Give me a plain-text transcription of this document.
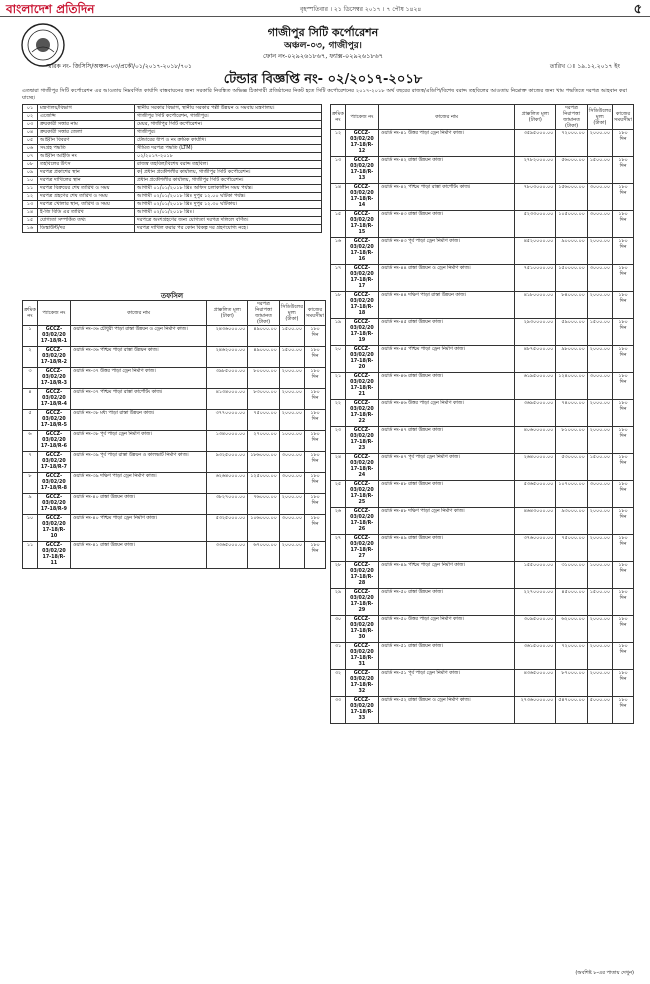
বাংলাদেশ প্রতিদিন	বৃহস্পতিবার । ২১ ডিসেম্বর ২০১৭ । ৭ পৌষ ১৪২৪	৫
গাজীপুর সিটি কর্পোরেশন
অঞ্চল-০৩, গাজীপুর।
ফোন নং-০২৯২৬১৮৬৭, ফ্যাক্স-০২৯২৬১৮৬৭
স্মারক নং- জিসিসি/অঞ্চল-০৩/প্রকৌ/০১/২০১৭-২০১৮/৭০১	তারিখ ঃ ১৯.১২.২০১৭ ইং
টেন্ডার বিজ্ঞপ্তি নং- ০২/২০১৭-২০১৮
এতদ্বারা গাজীপুর সিটি কর্পোরেশন এর আওতায় নিম্নবর্ণিত কার্যাদি বাস্তবায়নের জন্য সরকারি নিবন্ধিত অভিজ্ঞ ঠিকাদারী প্রতিষ্ঠানের নিকট হতে সিটি কর্পোরেশনের ২০১৭-২০১৮ অর্থ বছরের রাজস্ব/এডিপি/বিশেষ বরাদ্দ তহবিলের আওতায় নিম্নোক্ত কাজের জন্য খাম পদ্ধতিতে দরপত্র আহবান করা যাচ্ছে।
০১	মন্ত্রণালয়/বিভাগ	স্থানীয় সরকার বিভাগ, স্থানীয় সরকার পল্লী উন্নয়ন ও সমবায় মন্ত্রণালয়।
০২	এজেন্সি	গাজীপুর সিটি কর্পোরেশন, গাজীপুর।
০৩	ক্রয়কারী সত্তার নাম	মেয়র, গাজীপুর সিটি কর্পোরেশন।
০৪	ক্রয়কারী সত্তার জেলা	গাজীপুর।
০৫	আহ্বান বিবরণ	টেন্ডারের ধাপ ও নং ক্রমিক কার্যাদি।
০৬	সংগ্রহ পদ্ধতি	সীমিত দরপত্র পদ্ধতি (LTM)
০৭	আহ্বান আইডি নং	০২/২০১৭-২০১৮
০৮	তহবিলের উৎস	রাজস্ব তহবিল/বিশেষ বরাদ্দ তহবিল।
০৯	দরপত্র প্রকাশের স্থান	ক) প্রধান প্রকৌশলীর কার্যালয়, গাজীপুর সিটি কর্পোরেশন।
১০	দরপত্র দাখিলের স্থান	প্রধান প্রকৌশলীর কার্যালয়, গাজীপুর সিটি কর্পোরেশন।
১১	দরপত্র বিক্রয়ের শেষ তারিখ ও সময়	আগামী ০১/০১/২০১৮ খ্রিঃ অফিস চলাকালীন সময় পর্যন্ত।
১২	দরপত্র গ্রহণের শেষ তারিখ ও সময়	আগামী ০২/০১/২০১৮ খ্রিঃ দুপুর ১২.০০ ঘটিকা পর্যন্ত।
১৩	দরপত্র খোলার স্থান, তারিখ ও সময়	আগামী ০২/০১/২০১৮ খ্রিঃ দুপুর ১২.৩০ ঘটিকায়।
১৪	ই-জি বিডি এর তারিখ	আগামী ০২/০১/২০১৮ খ্রিঃ।
১৫	যোগ্যতা সম্পর্কিত তথ্য	দরপত্রে অংশগ্রহণের জন্য যোগ্যতা দরপত্র দলিলে বর্ণিত।
১৬	ডিস্কাউন্ট/দর	দরপত্র দাখিল করার পর কোন বিকল্প দর গ্রহণযোগ্য নহে।
তফসিল
ক্রমিক নং	প্যাকেজ নং	কাজের নাম	প্রাক্কলিত মূল্য (টাকা)	দরপত্র নিরাপত্তা জামানত (টাকা)	সিডিউলের মূল্য (টাকা)	কাজের সময়সীমা
১	GCCZ-03/02/20 17-18/R-1	ওয়ার্ড নং-৩৬ চৌধুরী পাড়া রাস্তা উন্নয়ন ও ড্রেন নির্মাণ কাজ।	২৪৩৬০০০.০০	৪৯০০০.০০	১৫০০.০০	১৮০ দিন
২	GCCZ-03/02/20 17-18/R-2	ওয়ার্ড নং-৩৬ পশ্চিম পাড়া রাস্তা উন্নয়ন কাজ।	২৪৬২০০০.০০	৪৯০০০.০০	১৫০০.০০	১৮০ দিন
৩	GCCZ-03/02/20 17-18/R-3	ওয়ার্ড নং-৩৭ উত্তর পাড়া ড্রেন নির্মাণ কাজ।	৩৯৮৫০০০.০০	৮০০০০.০০	২০০০.০০	১৮০ দিন
৪	GCCZ-03/02/20 17-18/R-4	ওয়ার্ড নং-৩৭ পশ্চিম পাড়া রাস্তা কার্পেটিং কাজ।	৪১৩৪০০০.০০	৮৩০০০.০০	২০০০.০০	১৮০ দিন
৫	GCCZ-03/02/20 17-18/R-5	ওয়ার্ড নং-৩৮ মধ্য পাড়া রাস্তা উন্নয়ন কাজ।	৩৭৭০০০০.০০	৭৫০০০.০০	২০০০.০০	১৮০ দিন
৬	GCCZ-03/02/20 17-18/R-6	ওয়ার্ড নং-৩৮ পূর্ব পাড়া ড্রেন নির্মাণ কাজ।	১৩৪০০০০.০০	২৭০০০.০০	১০০০.০০	১৮০ দিন
৭	GCCZ-03/02/20 17-18/R-7	ওয়ার্ড নং-৩৯ পূর্ব পাড়া রাস্তা উন্নয়ন ও কালভার্ট নির্মাণ কাজ।	৯৩২৫০০০.০০	১৮৬০০০.০০	৩০০০.০০	১৮০ দিন
৮	GCCZ-03/02/20 17-18/R-8	ওয়ার্ড নং-৩৯ দক্ষিণ পাড়া ড্রেন নির্মাণ কাজ।	৬২৬৪০০০.০০	১২৫০০০.০০	৩০০০.০০	১৮০ দিন
৯	GCCZ-03/02/20 17-18/R-9	ওয়ার্ড নং-৪০ রাস্তা উন্নয়ন কাজ।	৩৮২৭০০০.০০	৭৬০০০.০০	২০০০.০০	১৮০ দিন
১০	GCCZ-03/02/20 17-18/R-10	ওয়ার্ড নং-৪০ পশ্চিম পাড়া ড্রেন নির্মাণ কাজ।	৫৩২৫০০০.০০	১০৬০০০.০০	৩০০০.০০	১৮০ দিন
১১	GCCZ-03/02/20 17-18/R-11	ওয়ার্ড নং-৪১ রাস্তা উন্নয়ন কাজ।	৩৩৬৫০০০.০০	৬৭০০০.০০	২০০০.০০	১৮০ দিন
ক্রমিক নং	প্যাকেজ নং	কাজের নাম	প্রাক্কলিত মূল্য (টাকা)	দরপত্র নিরাপত্তা জামানত (টাকা)	সিডিউলের মূল্য (টাকা)	কাজের সময়সীমা
১২	GCCZ-03/02/20 17-18/R-12	ওয়ার্ড নং-৪১ উত্তর পাড়া ড্রেন নির্মাণ কাজ।	৩৫৯৫০০০.০০	৭২০০০.০০	২০০০.০০	১৮০ দিন
১৩	GCCZ-03/02/20 17-18/R-13	ওয়ার্ড নং-৪২ রাস্তা উন্নয়ন কাজ।	২৭৮২০০০.০০	৫৬০০০.০০	১৫০০.০০	১৮০ দিন
১৪	GCCZ-03/02/20 17-18/R-14	ওয়ার্ড নং-৪২ পশ্চিম পাড়া রাস্তা কার্পেটিং কাজ।	৭৮০৩০০০.০০	১৫৬০০০.০০	৩০০০.০০	১৮০ দিন
১৫	GCCZ-03/02/20 17-18/R-15	ওয়ার্ড নং-৪৩ রাস্তা উন্নয়ন কাজ।	৫২৩৩০০০.০০	১০৫০০০.০০	৩০০০.০০	১৮০ দিন
১৬	GCCZ-03/02/20 17-18/R-16	ওয়ার্ড নং-৪৩ পূর্ব পাড়া ড্রেন নির্মাণ কাজ।	৪৫২০০০০.০০	৯০০০০.০০	২০০০.০০	১৮০ দিন
১৭	GCCZ-03/02/20 17-18/R-17	ওয়ার্ড নং-৪৪ রাস্তা উন্নয়ন ও ড্রেন নির্মাণ কাজ।	৭৫১০০০০.০০	১৫০০০০.০০	৩০০০.০০	১৮০ দিন
১৮	GCCZ-03/02/20 17-18/R-18	ওয়ার্ড নং-৪৪ দক্ষিণ পাড়া রাস্তা উন্নয়ন কাজ।	৪১৮০০০০.০০	৮৪০০০.০০	২০০০.০০	১৮০ দিন
১৯	GCCZ-03/02/20 17-18/R-19	ওয়ার্ড নং-৪৫ রাস্তা উন্নয়ন কাজ।	২৯৩০০০০.০০	৫৯০০০.০০	১৫০০.০০	১৮০ দিন
২০	GCCZ-03/02/20 17-18/R-20	ওয়ার্ড নং-৪৫ পশ্চিম পাড়া ড্রেন নির্মাণ কাজ।	৪৮৭৫০০০.০০	৯৮০০০.০০	২০০০.০০	১৮০ দিন
২১	GCCZ-03/02/20 17-18/R-21	ওয়ার্ড নং-৪৬ রাস্তা উন্নয়ন কাজ।	৬১৯৫০০০.০০	১২৪০০০.০০	৩০০০.০০	১৮০ দিন
২২	GCCZ-03/02/20 17-18/R-22	ওয়ার্ড নং-৪৬ উত্তর পাড়া ড্রেন নির্মাণ কাজ।	৩৬৯৫০০০.০০	৭৪০০০.০০	২০০০.০০	১৮০ দিন
২৩	GCCZ-03/02/20 17-18/R-23	ওয়ার্ড নং-৪৭ রাস্তা উন্নয়ন কাজ।	৪০৬০০০০.০০	৮১০০০.০০	২০০০.০০	১৮০ দিন
২৪	GCCZ-03/02/20 17-18/R-24	ওয়ার্ড নং-৪৭ পূর্ব পাড়া ড্রেন নির্মাণ কাজ।	২৬৪০০০০.০০	৫৩০০০.০০	১৫০০.০০	১৮০ দিন
২৫	GCCZ-03/02/20 17-18/R-25	ওয়ার্ড নং-৪৮ রাস্তা উন্নয়ন কাজ।	৫৩৬৫০০০.০০	১০৭০০০.০০	৩০০০.০০	১৮০ দিন
২৬	GCCZ-03/02/20 17-18/R-26	ওয়ার্ড নং-৪৮ দক্ষিণ পাড়া ড্রেন নির্মাণ কাজ।	৪৬৪৩০০০.০০	৯৩০০০.০০	২০০০.০০	১৮০ দিন
২৭	GCCZ-03/02/20 17-18/R-27	ওয়ার্ড নং-৪৯ রাস্তা উন্নয়ন কাজ।	৩৭৬০০০০.০০	৭৫০০০.০০	২০০০.০০	১৮০ দিন
২৮	GCCZ-03/02/20 17-18/R-28	ওয়ার্ড নং-৪৯ পশ্চিম পাড়া ড্রেন নির্মাণ কাজ।	১৫৫০০০০.০০	৩১০০০.০০	১০০০.০০	১৮০ দিন
২৯	GCCZ-03/02/20 17-18/R-29	ওয়ার্ড নং-৫০ রাস্তা উন্নয়ন কাজ।	২২৭০০০০.০০	৪৫০০০.০০	১৫০০.০০	১৮০ দিন
৩০	GCCZ-03/02/20 17-18/R-30	ওয়ার্ড নং-৫০ উত্তর পাড়া ড্রেন নির্মাণ কাজ।	৩০৯৫০০০.০০	৬২০০০.০০	২০০০.০০	১৮০ দিন
৩১	GCCZ-03/02/20 17-18/R-31	ওয়ার্ড নং-৫১ রাস্তা উন্নয়ন কাজ।	৩৬১৫০০০.০০	৭২০০০.০০	২০০০.০০	১৮০ দিন
৩২	GCCZ-03/02/20 17-18/R-32	ওয়ার্ড নং-৫১ পূর্ব পাড়া ড্রেন নির্মাণ কাজ।	৪৩৬৫০০০.০০	৮৭০০০.০০	২০০০.০০	১৮০ দিন
৩৩	GCCZ-03/02/20 17-18/R-33	ওয়ার্ড নং-৫২ রাস্তা উন্নয়ন ও ড্রেন নির্মাণ কাজ।	২৭৩৬০০০০.০০	৫৪৭০০০.০০	৫০০০.০০	১৮০ দিন
(অবশিষ্ট ৮-এর পাতায় দেখুন)
